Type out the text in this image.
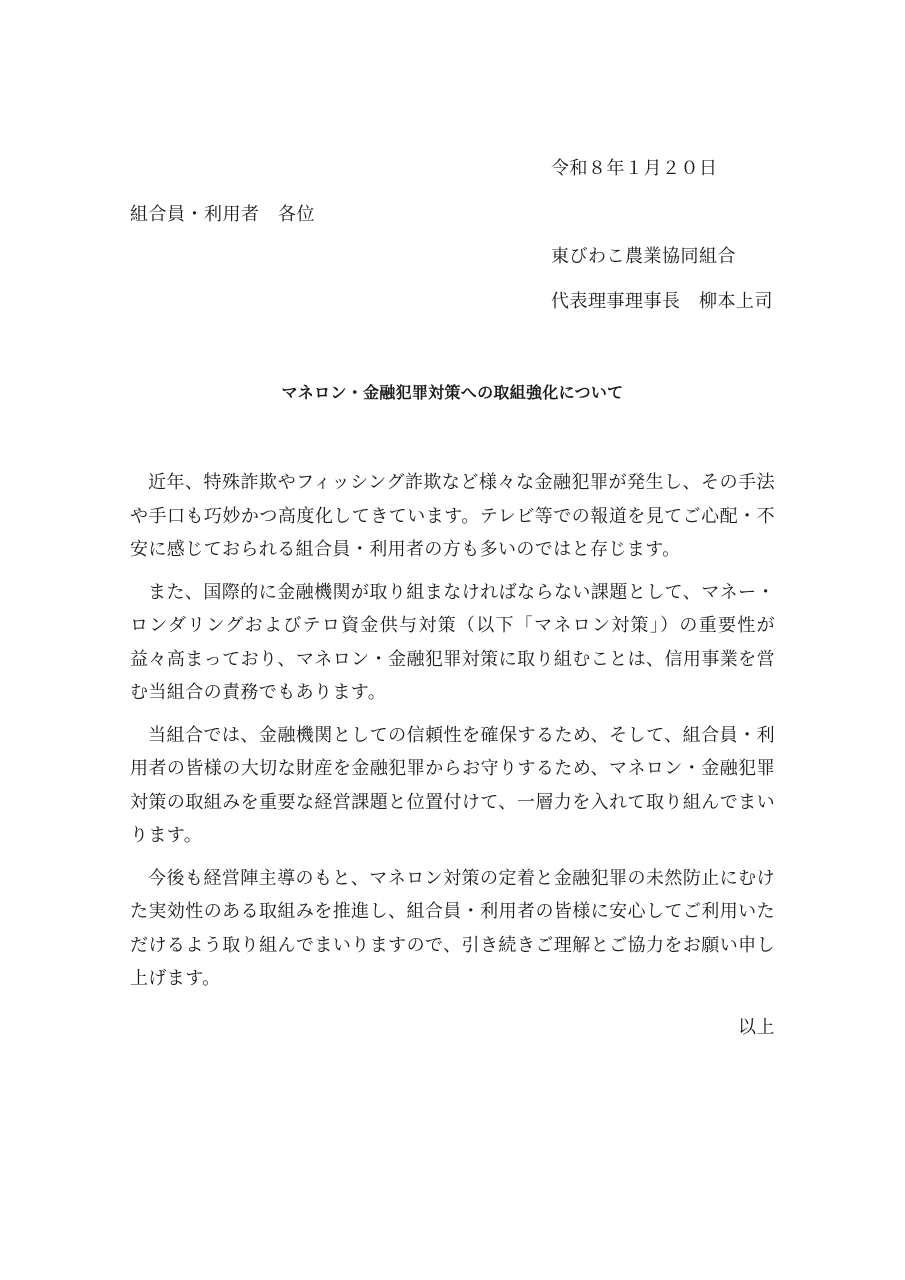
令和８年１月２０日
組合員・利用者　各位
東びわこ農業協同組合
代表理事理事長　柳本上司
マネロン・金融犯罪対策への取組強化について

近年、特殊詐欺やフィッシング詐欺など様々な金融犯罪が発生し、その手法や手口も巧妙かつ高度化してきています。テレビ等での報道を見てご心配・不安に感じておられる組合員・利用者の方も多いのではと存じます。

また、国際的に金融機関が取り組まなければならない課題として、マネー・ロンダリングおよびテロ資金供与対策（以下「マネロン対策」）の重要性が益々高まっており、マネロン・金融犯罪対策に取り組むことは、信用事業を営む当組合の責務でもあります。

当組合では、金融機関としての信頼性を確保するため、そして、組合員・利用者の皆様の大切な財産を金融犯罪からお守りするため、マネロン・金融犯罪対策の取組みを重要な経営課題と位置付けて、一層力を入れて取り組んでまいります。

今後も経営陣主導のもと、マネロン対策の定着と金融犯罪の未然防止にむけた実効性のある取組みを推進し、組合員・利用者の皆様に安心してご利用いただけるよう取り組んでまいりますので、引き続きご理解とご協力をお願い申し上げます。

以上
